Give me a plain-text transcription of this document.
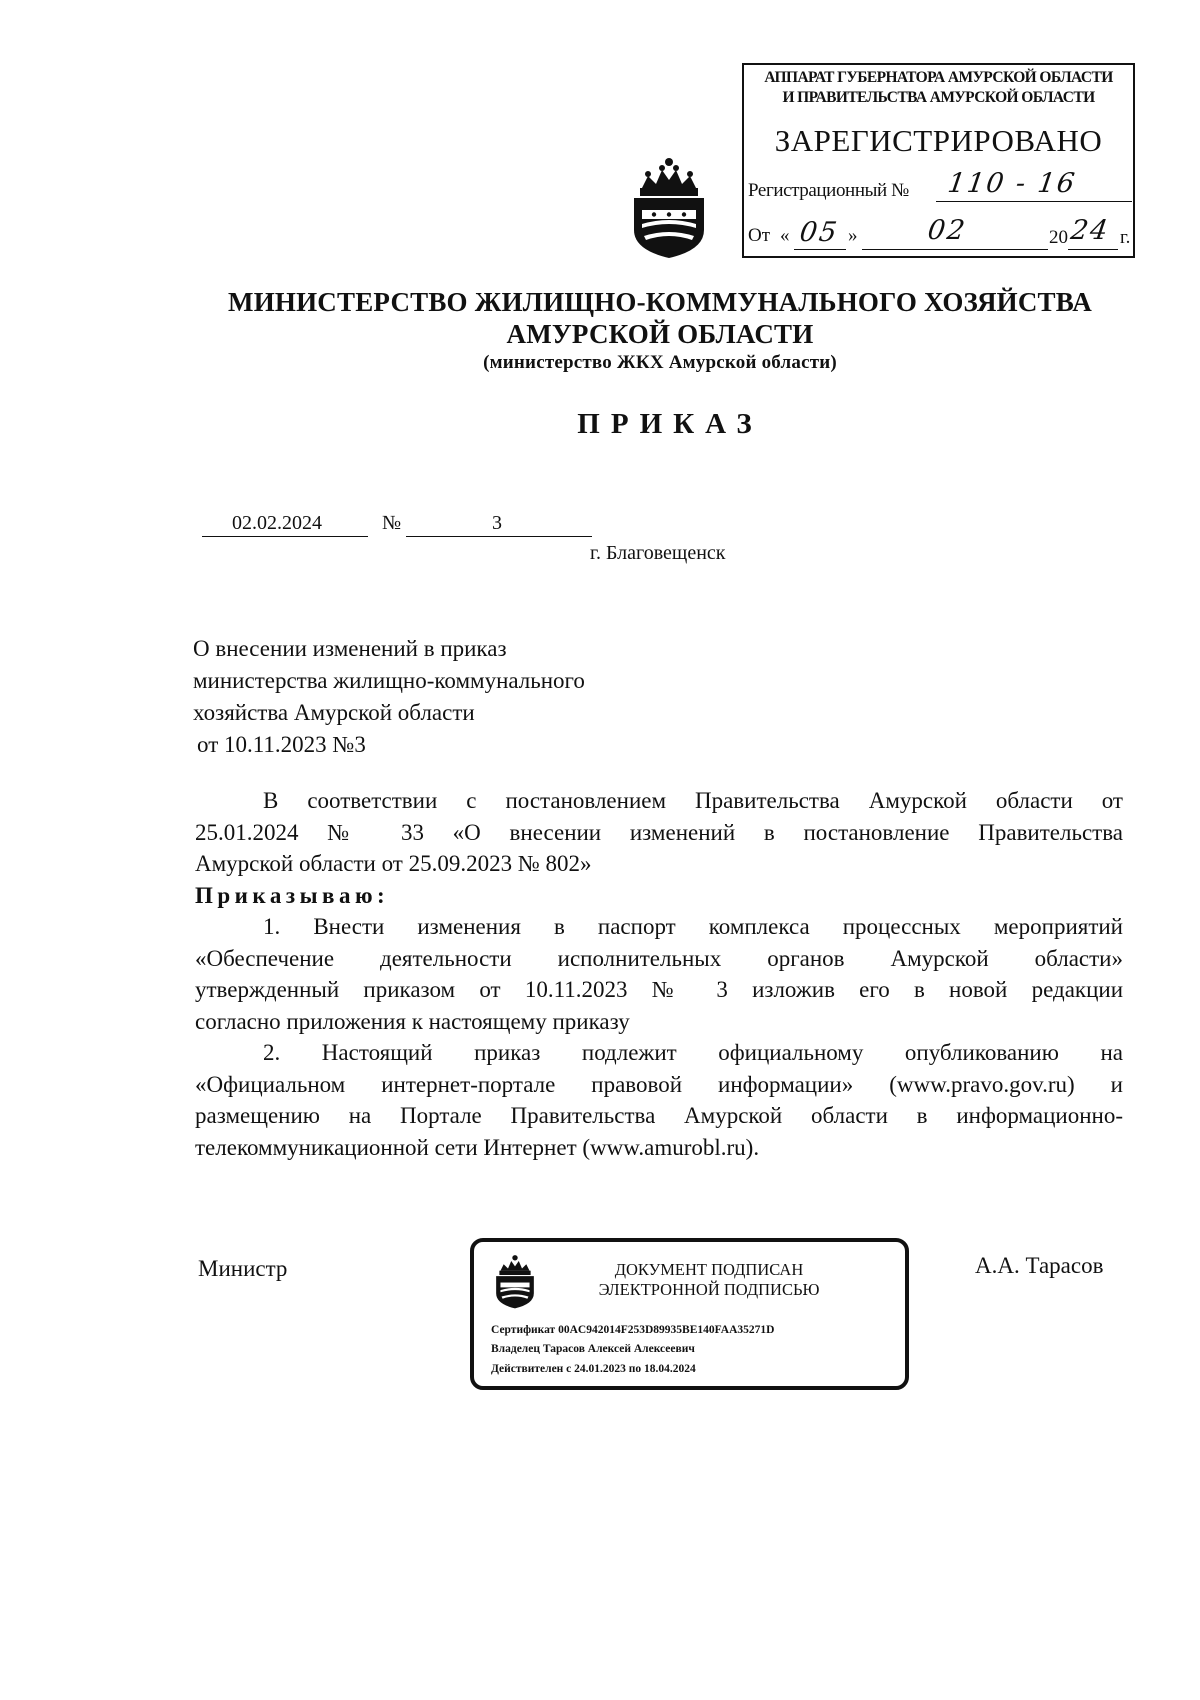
АППАРАТ ГУБЕРНАТОРА АМУРСКОЙ ОБЛАСТИ
И ПРАВИТЕЛЬСТВА АМУРСКОЙ ОБЛАСТИ
ЗАРЕГИСТРИРОВАНО
Регистрационный № 110 - 16
От « 05 »	02	20 24 г.
МИНИСТЕРСТВО ЖИЛИЩНО-КОММУНАЛЬНОГО ХОЗЯЙСТВА
АМУРСКОЙ ОБЛАСТИ
(министерство ЖКХ Амурской области)
ПРИКАЗ
02.02.2024	№	3
г. Благовещенск
О внесении изменений в приказ
министерства жилищно-коммунального
хозяйства Амурской области
от 10.11.2023 №3
В соответствии с постановлением Правительства Амурской области от
25.01.2024 № 33 «О внесении изменений в постановление Правительства
Амурской области от 25.09.2023 № 802»
Приказываю:
1. Внести изменения в паспорт комплекса процессных мероприятий
«Обеспечение деятельности исполнительных органов Амурской области»
утвержденный приказом от 10.11.2023 № 3 изложив его в новой редакции
согласно приложения к настоящему приказу
2. Настоящий приказ подлежит официальному опубликованию на
«Официальном интернет-портале правовой информации» (www.pravo.gov.ru) и
размещению на Портале Правительства Амурской области в информационно-
телекоммуникационной сети Интернет (www.amurobl.ru).
Министр	А.А. Тарасов
ДОКУМЕНТ ПОДПИСАН
ЭЛЕКТРОННОЙ ПОДПИСЬЮ
Сертификат 00AC942014F253D89935BE140FAA35271D
Владелец Тарасов Алексей Алексеевич
Действителен с 24.01.2023 по 18.04.2024
